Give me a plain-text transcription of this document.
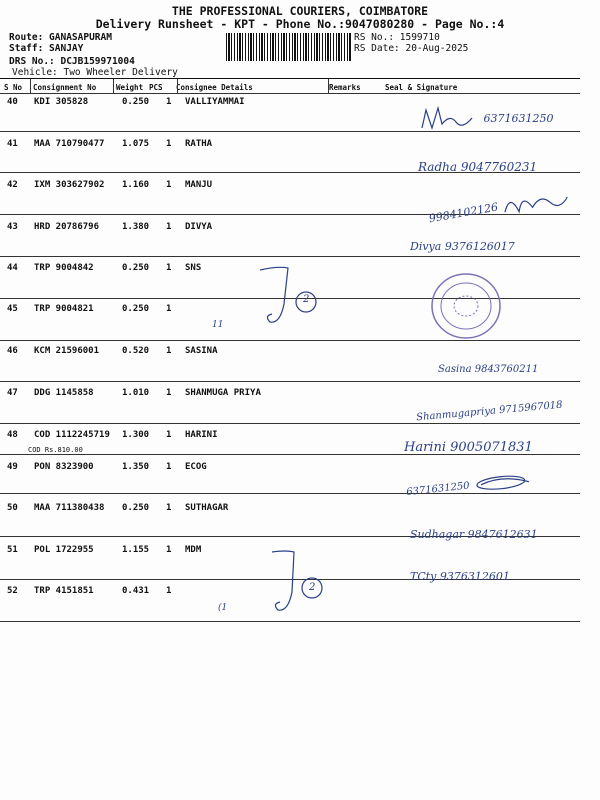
THE PROFESSIONAL COURIERS, COIMBATORE
Delivery Runsheet - KPT - Phone No.:9047080280 - Page No.:4
Route: GANASAPURAM
Staff: SANJAY
DRS No.: DCJB159971004
Vehicle: Two Wheeler Delivery
RS No.: 1599710
RS Date: 20-Aug-2025
S No Consignment No	Weight PCS Consignee Details	Remarks	Seal & Signature
40 KDI 305828	0.250 1 VALLIYAMMAI
41 MAA 710790477 1.075 1 RATHA
42 IXM 303627902 1.160 1 MANJU
43 HRD 20786796	1.380 1 DIVYA
44 TRP 9004842	0.250 1 SNS
45 TRP 9004821	0.250 1
46 KCM 21596001	0.520 1 SASINA
47 DDG 1145858	1.010 1 SHANMUGA PRIYA
48 COD 1112245719 1.300 1 HARINI
COD Rs.810.00
49 PON 8323900	1.350 1 ECOG
50 MAA 711380438 0.250 1 SUTHAGAR
51 POL 1722955	1.155 1 MDM
52 TRP 4151851	0.431 1
6371631250
Radha 9047760231
9984102126
Divya 9376126017
2
11
Sasina 9843760211
Shanmugapriya 9715967018
Harini 9005071831
6371631250
Sudhagar 9847612631
2
TCty 9376312601
(1
